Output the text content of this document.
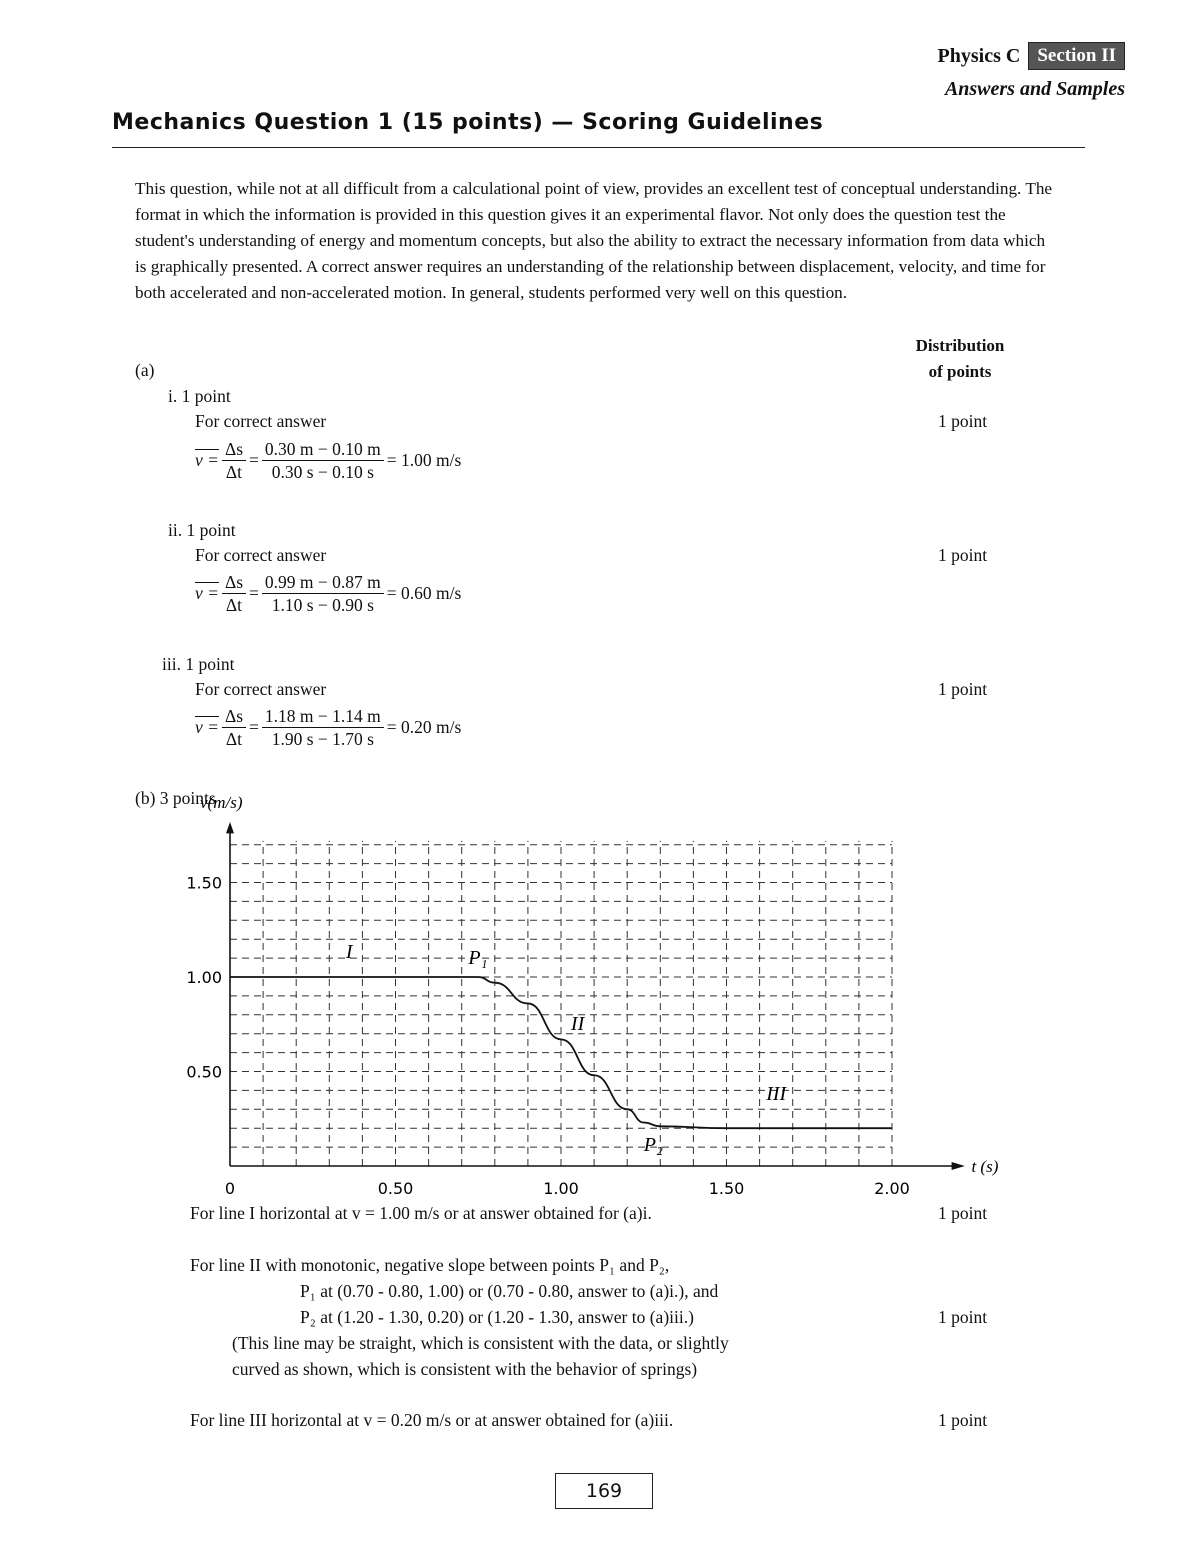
Physics C Section II
Answers and Samples
Mechanics Question 1 (15 points) — Scoring Guidelines
This question, while not at all difficult from a calculational point of view, provides an excellent test of conceptual understanding. The format in which the information is provided in this question gives it an experimental flavor. Not only does the question test the student's understanding of energy and momentum concepts, but also the ability to extract the necessary information from data which is graphically presented. A correct answer requires an understanding of the relationship between displacement, velocity, and time for both accelerated and non-accelerated motion. In general, students performed very well on this question.
Distribution
of points
(a)
i. 1 point
For correct answer	1 point
$v = \frac{\Delta s}{\Delta t} = \frac{0.30 m - 0.10 m}{0.30 s - 0.10 s} = 1.00$ m/s
ii. 1 point
For correct answer	1 point
$v = \frac{\Delta s}{\Delta t} = \frac{0.99 m - 0.87 m}{1.10 s - 0.90 s} = 0.60$ m/s
iii. 1 point
For correct answer	1 point
$v = \frac{\Delta s}{\Delta t} = \frac{1.18 m - 1.14 m}{1.90 s - 1.70 s} = 0.20$ m/s
(b) 3 points
v(m/s)
t (s)
0	0.50	1.00	1.50	2.00
0.50
1.00
1.50
I	P₁
II
III
P₂
For line I horizontal at v = 1.00 m/s or at answer obtained for (a)i.	1 point
For line II with monotonic, negative slope between points P₁ and P₂,
P₁ at (0.70 - 0.80, 1.00) or (0.70 - 0.80, answer to (a)i.), and
P₂ at (1.20 - 1.30, 0.20) or (1.20 - 1.30, answer to (a)iii.)	1 point
(This line may be straight, which is consistent with the data, or slightly
curved as shown, which is consistent with the behavior of springs)
For line III horizontal at v = 0.20 m/s or at answer obtained for (a)iii.	1 point
169
